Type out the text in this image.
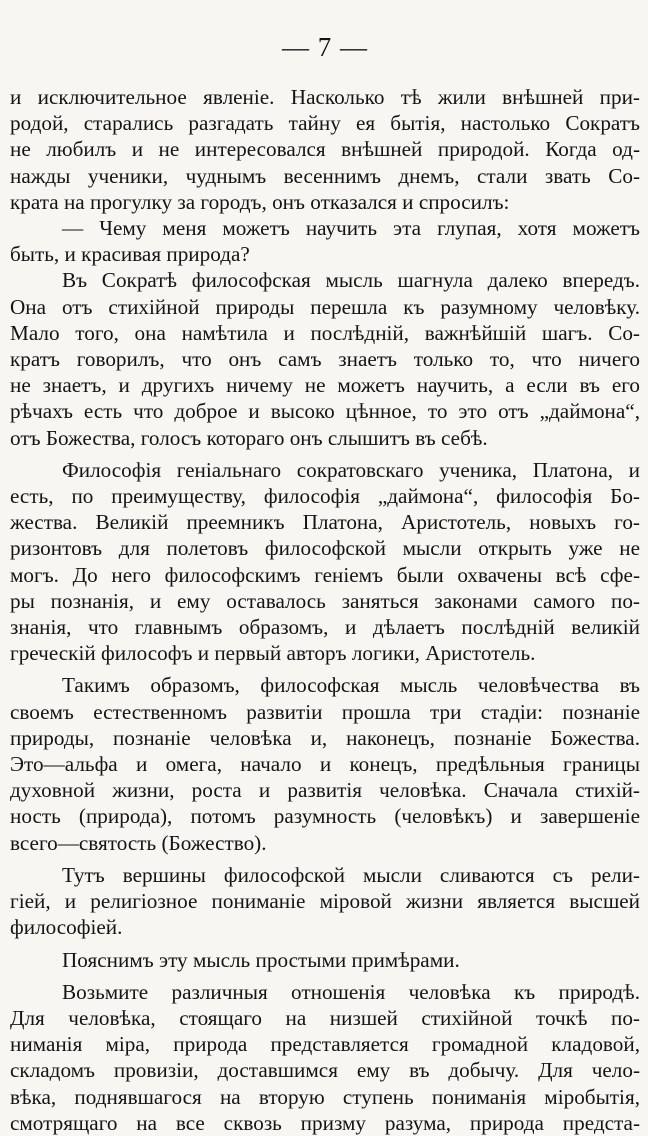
— 7 —

и исключительное явленіе. Насколько тѣ жили внѣшней при-
родой, старались разгадать тайну ея бытія, настолько Сократъ
не любилъ и не интересовался внѣшней природой. Когда од-
нажды ученики, чуднымъ весеннимъ днемъ, стали звать Со-
крата на прогулку за городъ, онъ отказался и спросилъ:

— Чему меня можетъ научить эта глупая, хотя можетъ
быть, и красивая природа?

Въ Сократѣ философская мысль шагнула далеко впередъ.
Она отъ стихійной природы перешла къ разумному человѣку.
Мало того, она намѣтила и послѣдній, важнѣйшій шагъ. Со-
кратъ говорилъ, что онъ самъ знаетъ только то, что ничего
не знаетъ, и другихъ ничему не можетъ научить, а если въ его
рѣчахъ есть что доброе и высоко цѣнное, то это отъ „даймона“,
отъ Божества, голосъ котораго онъ слышитъ въ себѣ.

Философія геніальнаго сократовскаго ученика, Платона, и
есть, по преимуществу, философія „даймона“, философія Бо-
жества. Великій преемникъ Платона, Аристотель, новыхъ го-
ризонтовъ для полетовъ философской мысли открыть уже не
могъ. До него философскимъ геніемъ были охвачены всѣ сфе-
ры познанія, и ему оставалось заняться законами самого по-
знанія, что главнымъ образомъ, и дѣлаетъ послѣдній великій
греческій философъ и первый авторъ логики, Аристотель.

Такимъ образомъ, философская мысль человѣчества въ
своемъ естественномъ развитіи прошла три стадіи: познаніе
природы, познаніе человѣка и, наконецъ, познаніе Божества.
Это—альфа и омега, начало и конецъ, предѣльныя границы
духовной жизни, роста и развитія человѣка. Сначала стихій-
ность (природа), потомъ разумность (человѣкъ) и завершеніе
всего—святость (Божество).

Тутъ вершины философской мысли сливаются съ рели-
гіей, и религіозное пониманіе міровой жизни является высшей
философіей.

Пояснимъ эту мысль простыми примѣрами.

Возьмите различныя отношенія человѣка къ природѣ.
Для человѣка, стоящаго на низшей стихійной точкѣ по-
ниманія міра, природа представляется громадной кладовой,
складомъ провизіи, доставшимся ему въ добычу. Для чело-
вѣка, поднявшагося на вторую ступень пониманія міробытія,
смотрящаго на все сквозь призму разума, природа предста-
